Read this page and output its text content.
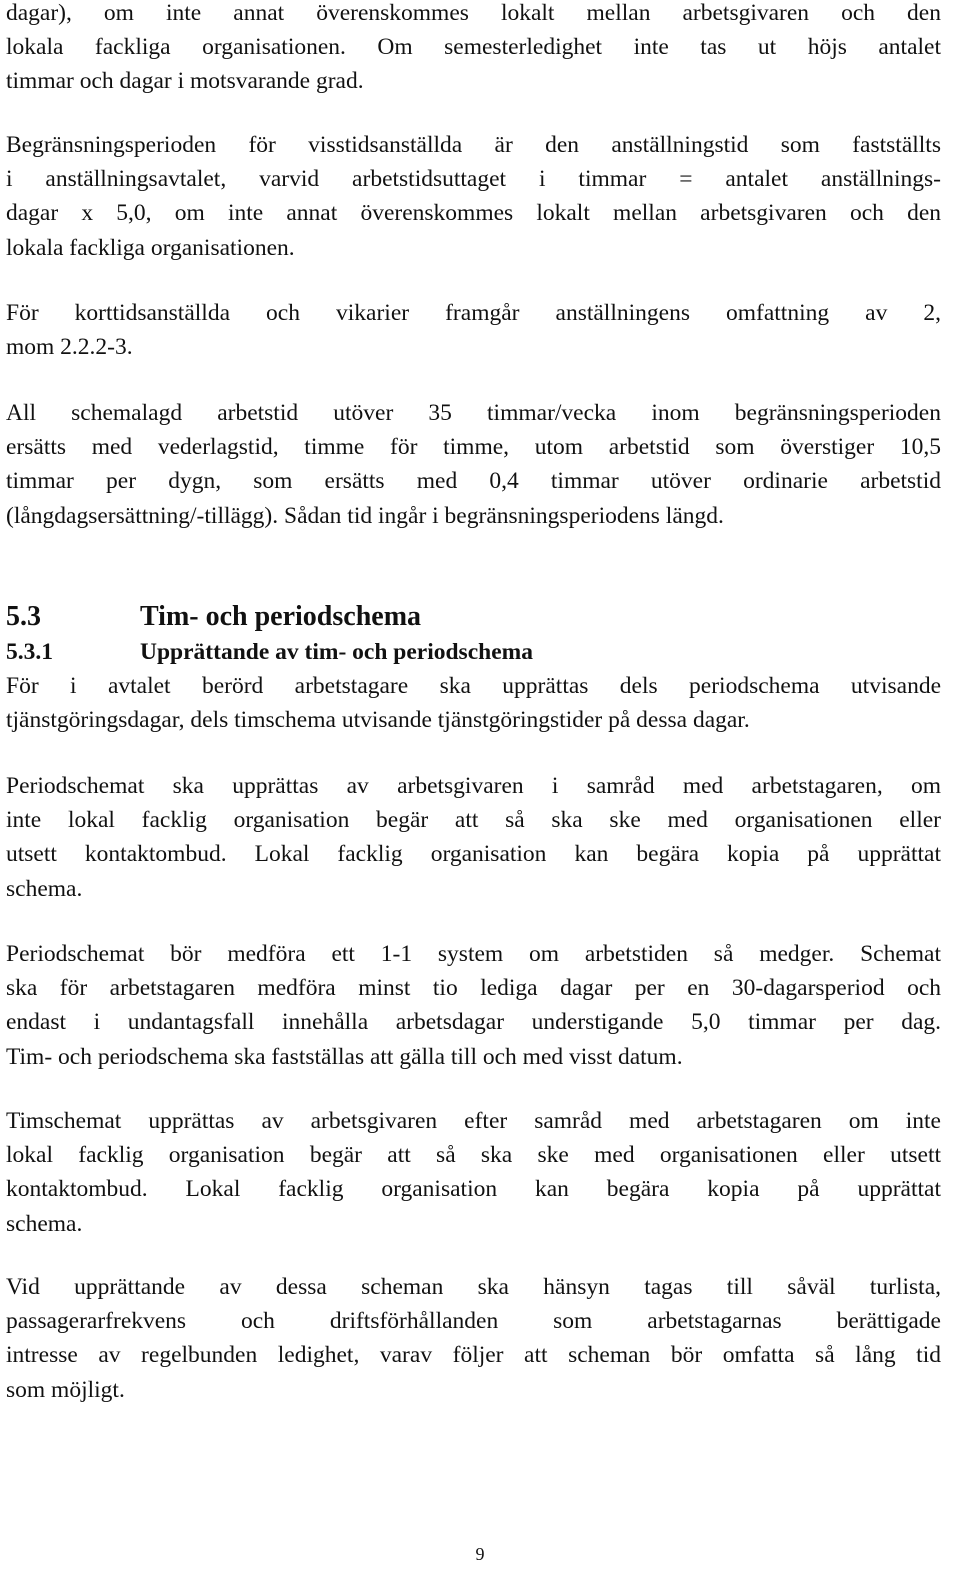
dagar), om inte annat överenskommes lokalt mellan arbetsgivaren och den
lokala fackliga organisationen. Om semesterledighet inte tas ut höjs antalet
timmar och dagar i motsvarande grad.
Begränsningsperioden för visstidsanställda är den anställningstid som fastställts
i anställningsavtalet, varvid arbetstidsuttaget i timmar = antalet anställnings-
dagar x 5,0, om inte annat överenskommes lokalt mellan arbetsgivaren och den
lokala fackliga organisationen.
För korttidsanställda och vikarier framgår anställningens omfattning av 2,
mom 2.2.2-3.
All schemalagd arbetstid utöver 35 timmar/vecka inom begränsningsperioden
ersätts med vederlagstid, timme för timme, utom arbetstid som överstiger 10,5
timmar per dygn, som ersätts med 0,4 timmar utöver ordinarie arbetstid
(långdagsersättning/-tillägg). Sådan tid ingår i begränsningsperiodens längd.
5.3	Tim- och periodschema
5.3.1	Upprättande av tim- och periodschema
För i avtalet berörd arbetstagare ska upprättas dels periodschema utvisande
tjänstgöringsdagar, dels timschema utvisande tjänstgöringstider på dessa dagar.
Periodschemat ska upprättas av arbetsgivaren i samråd med arbetstagaren, om
inte lokal facklig organisation begär att så ska ske med organisationen eller
utsett kontaktombud. Lokal facklig organisation kan begära kopia på upprättat
schema.
Periodschemat bör medföra ett 1-1 system om arbetstiden så medger. Schemat
ska för arbetstagaren medföra minst tio lediga dagar per en 30-dagarsperiod och
endast i undantagsfall innehålla arbetsdagar understigande 5,0 timmar per dag.
Tim- och periodschema ska fastställas att gälla till och med visst datum.
Timschemat upprättas av arbetsgivaren efter samråd med arbetstagaren om inte
lokal facklig organisation begär att så ska ske med organisationen eller utsett
kontaktombud. Lokal facklig organisation kan begära kopia på upprättat
schema.
Vid upprättande av dessa scheman ska hänsyn tagas till såväl turlista,
passagerarfrekvens och driftsförhållanden som arbetstagarnas berättigade
intresse av regelbunden ledighet, varav följer att scheman bör omfatta så lång tid
som möjligt.
9
